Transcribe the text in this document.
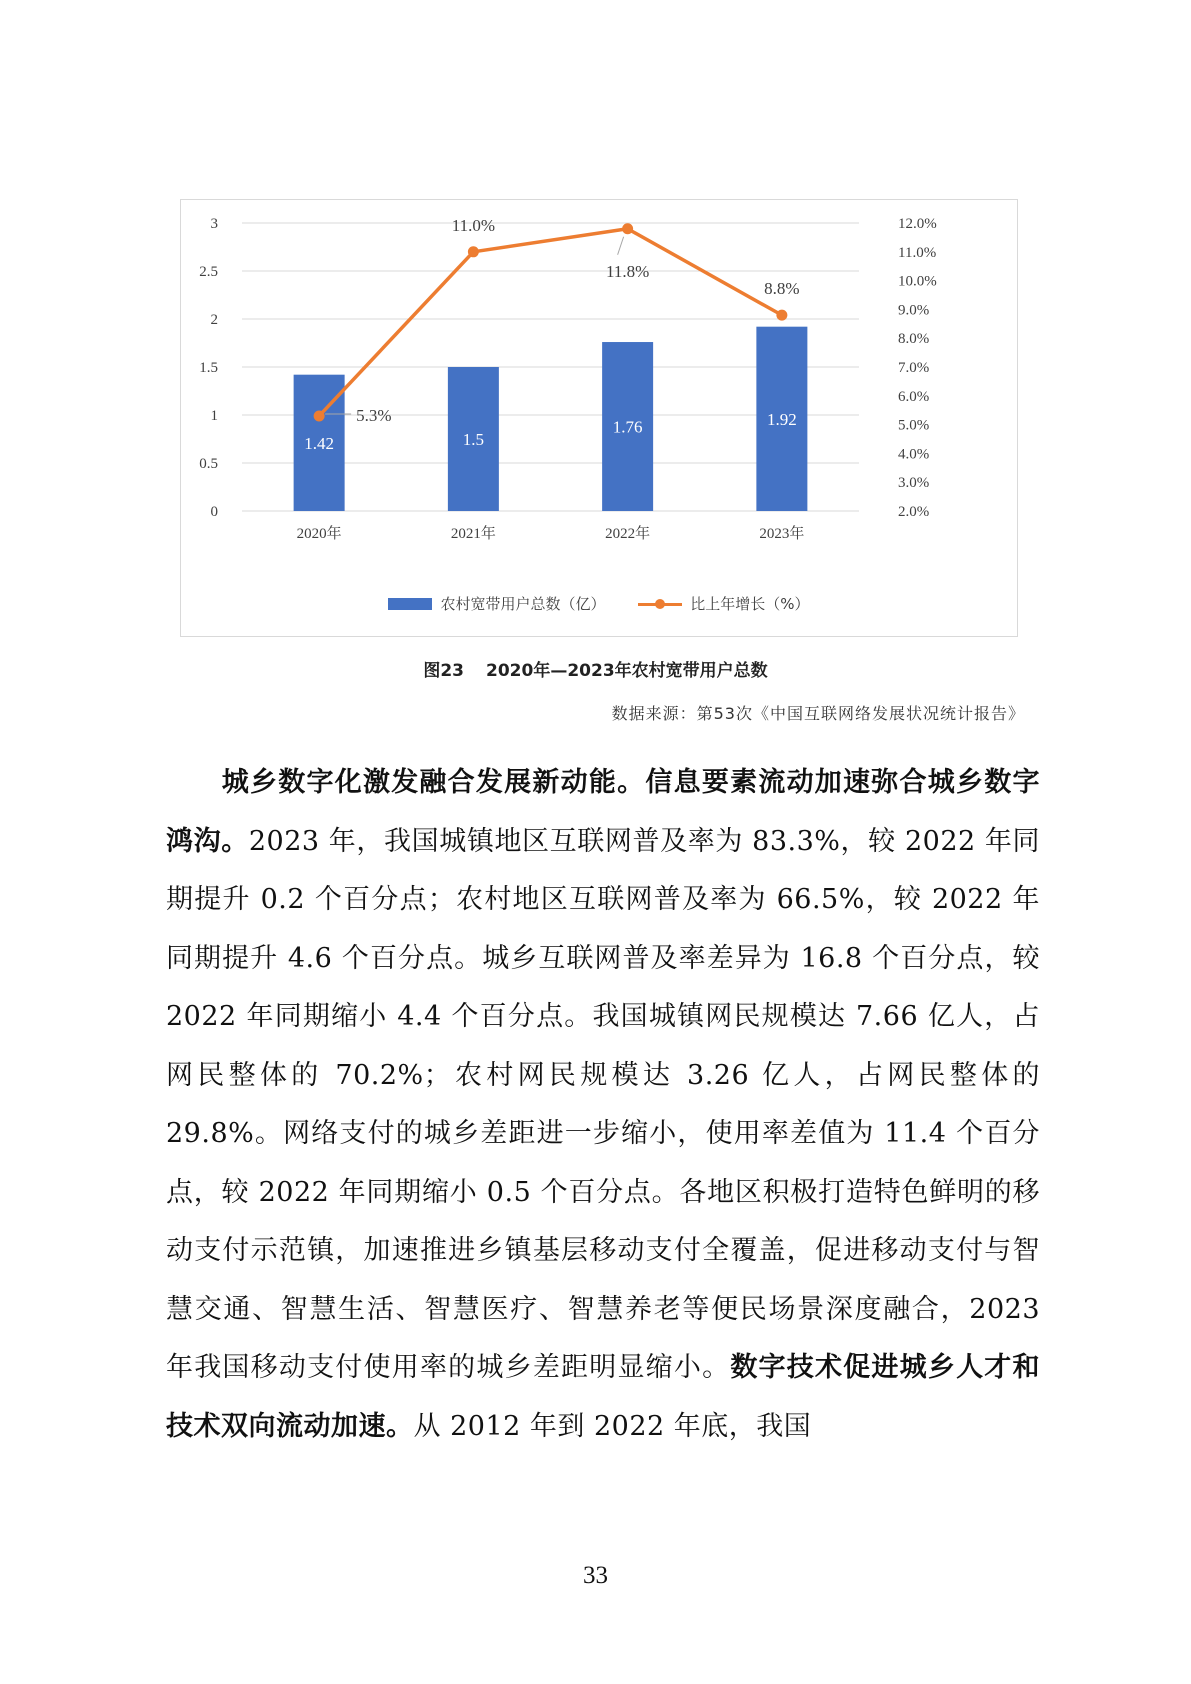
0
0.5
1
1.5
2
2.5
3
2.0%
3.0%
4.0%
5.0%
6.0%
7.0%
8.0%
9.0%
10.0%
11.0%
12.0%
1.42	1.5
1.76	1.92
2020年	2021年	2022年	2023年
5.3%
11.0%
11.8%
8.8%
农村宽带用户总数（亿）
	比上年增长（%）
图23 2020年—2023年农村宽带用户总数
数据来源：第53次《中国互联网络发展状况统计报告》
  城乡数字化激发融合发展新动能。信息要素流动加速弥合城乡数字鸿沟。2023 年，我国城镇地区互联网普及率为 83.3%，较 2022 年同期提升 0.2 个百分点；农村地区互联网普及率为 66.5%，较 2022 年同期提升 4.6 个百分点。城乡互联网普及率差异为 16.8 个百分点，较 2022 年同期缩小 4.4 个百分点。我国城镇网民规模达 7.66 亿人，占网民整体的 70.2%；农村网民规模达 3.26 亿人，占网民整体的 29.8%。网络支付的城乡差距进一步缩小，使用率差值为 11.4 个百分点，较 2022 年同期缩小 0.5 个百分点。各地区积极打造特色鲜明的移动支付示范镇，加速推进乡镇基层移动支付全覆盖，促进移动支付与智慧交通、智慧生活、智慧医疗、智慧养老等便民场景深度融合，2023 年我国移动支付使用率的城乡差距明显缩小。数字技术促进城乡人才和技术双向流动加速。从 2012 年到 2022 年底，我国
33
